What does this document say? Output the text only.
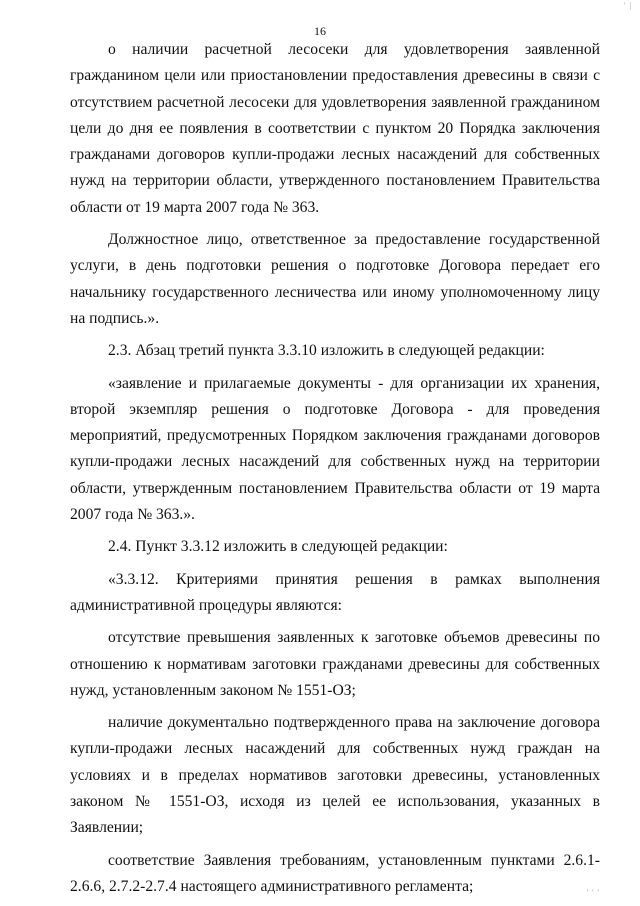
' |
16

о наличии расчетной лесосеки для удовлетворения заявленной гражданином цели или приостановлении предоставления древесины в связи с отсутствием расчетной лесосеки для удовлетворения заявленной гражданином цели до дня ее появления в соответствии с пунктом 20 Порядка заключения гражданами договоров купли-продажи лесных насаждений для собственных нужд на территории области, утвержденного постановлением Правительства области от 19 марта 2007 года № 363.

Должностное лицо, ответственное за предоставление государственной услуги, в день подготовки решения о подготовке Договора передает его начальнику государственного лесничества или иному уполномоченному лицу на подпись.».

2.3. Абзац третий пункта 3.3.10 изложить в следующей редакции:

«заявление и прилагаемые документы - для организации их хранения, второй экземпляр решения о подготовке Договора - для проведения мероприятий, предусмотренных Порядком заключения гражданами договоров купли-продажи лесных насаждений для собственных нужд на территории области, утвержденным постановлением Правительства области от 19 марта 2007 года № 363.».

2.4. Пункт 3.3.12 изложить в следующей редакции:

«3.3.12. Критериями принятия решения в рамках выполнения административной процедуры являются:

отсутствие превышения заявленных к заготовке объемов древесины по отношению к нормативам заготовки гражданами древесины для собственных нужд, установленным законом № 1551-ОЗ;

наличие документально подтвержденного права на заключение договора купли-продажи лесных насаждений для собственных нужд граждан на условиях и в пределах нормативов заготовки древесины, установленных законом № 1551-ОЗ, исходя из целей ее использования, указанных в Заявлении;

соответствие Заявления требованиям, установленным пунктами 2.6.1-2.6.6, 2.7.2-2.7.4 настоящего административного регламента;	' ' '
